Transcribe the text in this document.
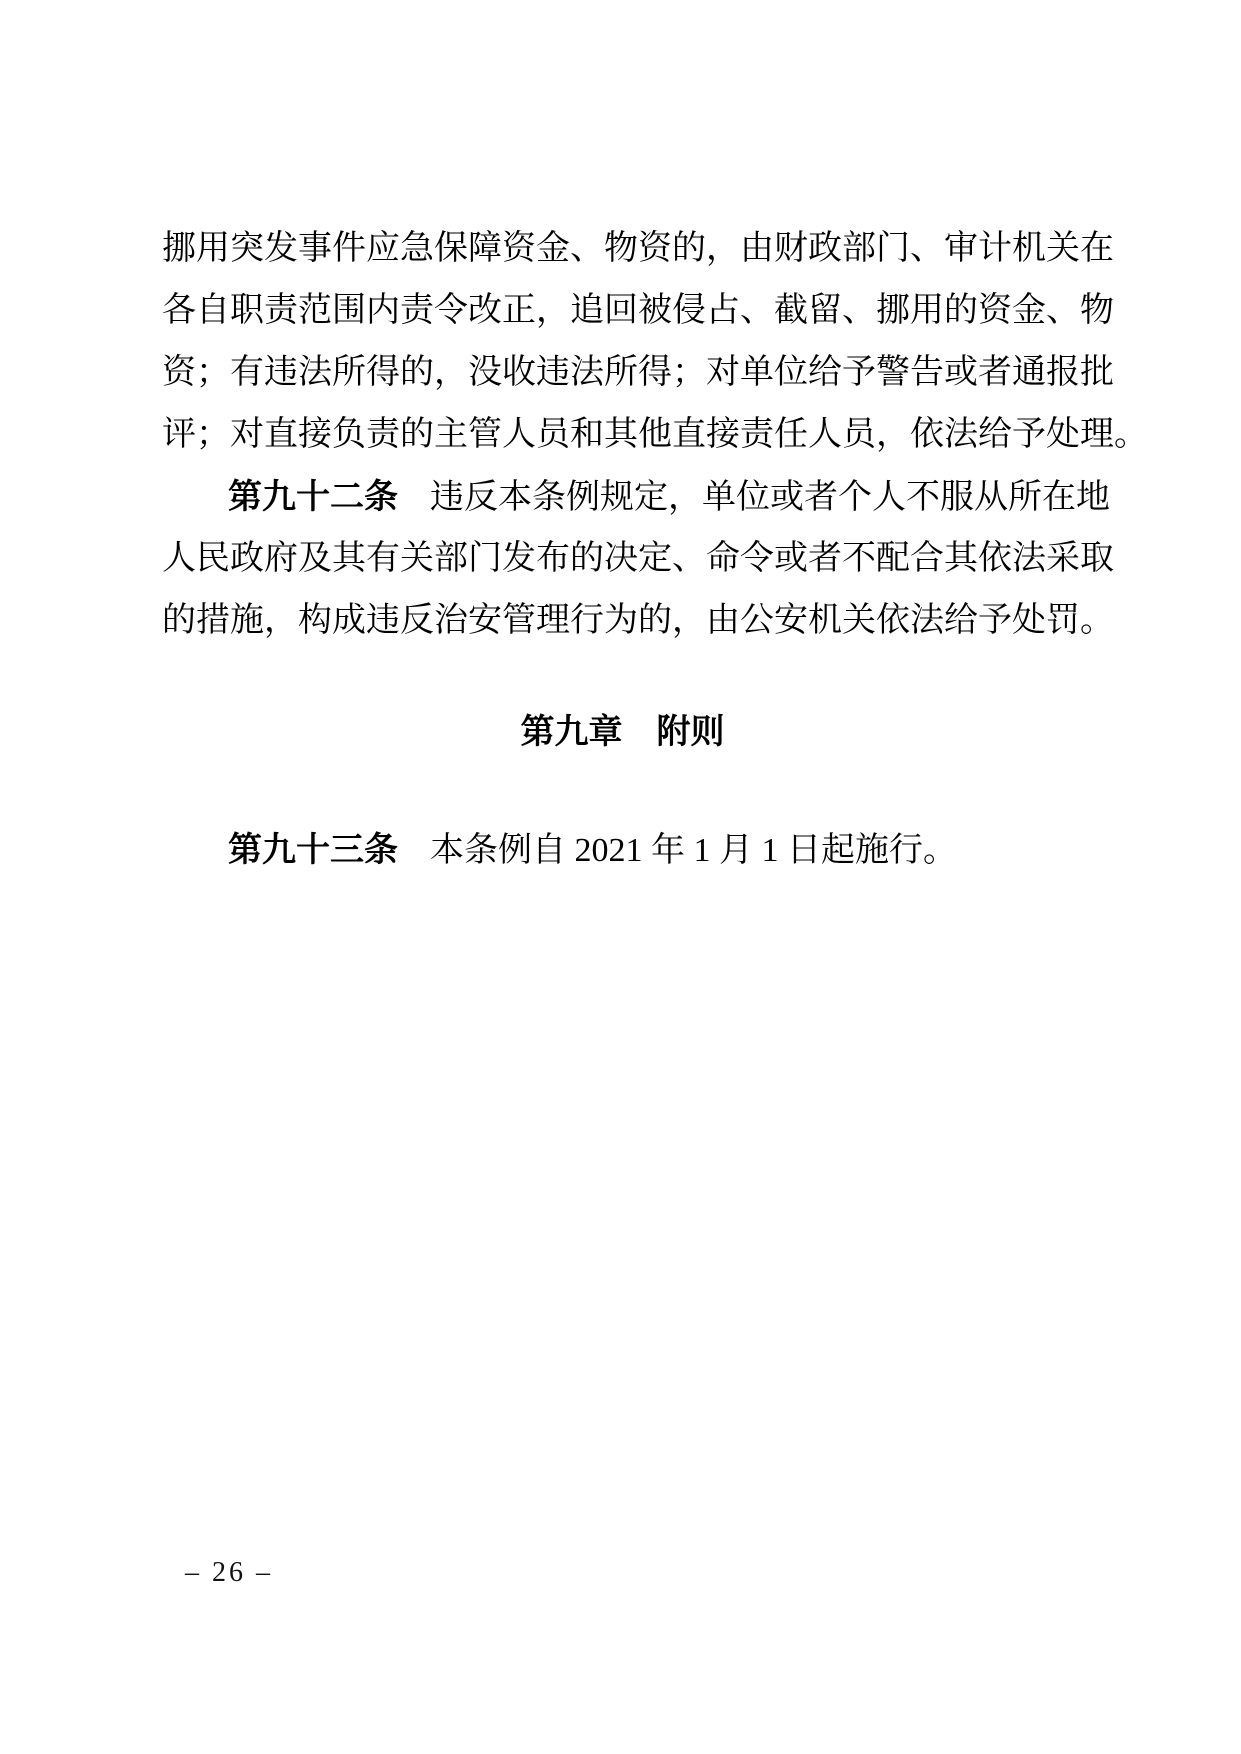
挪用突发事件应急保障资金、物资的，由财政部门、审计机关在
各自职责范围内责令改正，追回被侵占、截留、挪用的资金、物
资；有违法所得的，没收违法所得；对单位给予警告或者通报批
评；对直接负责的主管人员和其他直接责任人员，依法给予处理。
第九十二条 违反本条例规定，单位或者个人不服从所在地
人民政府及其有关部门发布的决定、命令或者不配合其依法采取
的措施，构成违反治安管理行为的，由公安机关依法给予处罚。
第九章 附则
第九十三条 本条例自 2021 年 1 月 1 日起施行。
– 26 –
